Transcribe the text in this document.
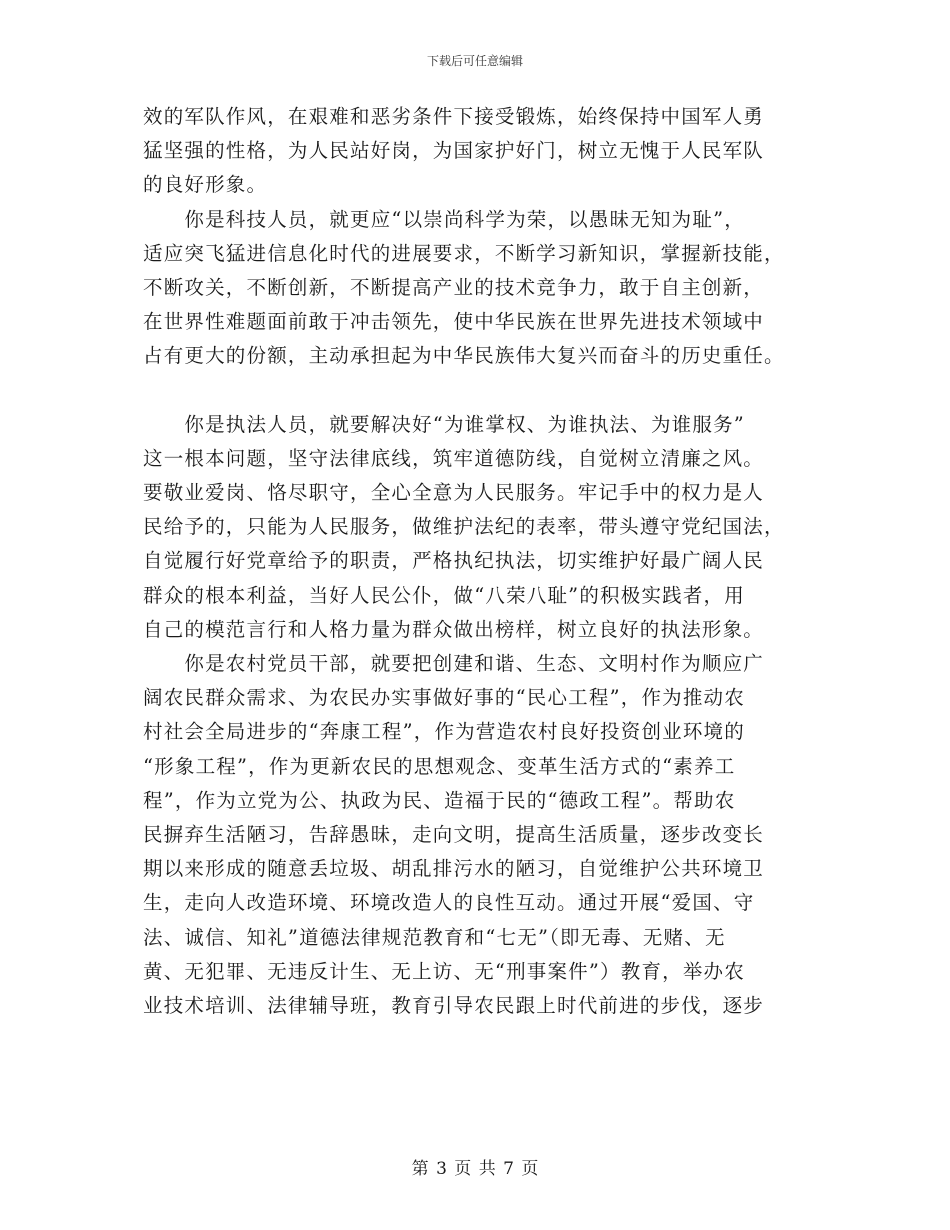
下载后可任意编辑

效的军队作风，在艰难和恶劣条件下接受锻炼，始终保持中国军人勇
猛坚强的性格，为人民站好岗，为国家护好门，树立无愧于人民军队
的良好形象。

　　你是科技人员，就更应“以崇尚科学为荣，以愚昧无知为耻”，
适应突飞猛进信息化时代的进展要求，不断学习新知识，掌握新技能，
不断攻关，不断创新，不断提高产业的技术竞争力，敢于自主创新，
在世界性难题面前敢于冲击领先，使中华民族在世界先进技术领域中
占有更大的份额，主动承担起为中华民族伟大复兴而奋斗的历史重任。

　　你是执法人员，就要解决好“为谁掌权、为谁执法、为谁服务”
这一根本问题，坚守法律底线，筑牢道德防线，自觉树立清廉之风。
要敬业爱岗、恪尽职守，全心全意为人民服务。牢记手中的权力是人
民给予的，只能为人民服务，做维护法纪的表率，带头遵守党纪国法，
自觉履行好党章给予的职责，严格执纪执法，切实维护好最广阔人民
群众的根本利益，当好人民公仆，做“八荣八耻”的积极实践者，用
自己的模范言行和人格力量为群众做出榜样，树立良好的执法形象。

　　你是农村党员干部，就要把创建和谐、生态、文明村作为顺应广
阔农民群众需求、为农民办实事做好事的“民心工程”，作为推动农
村社会全局进步的“奔康工程”，作为营造农村良好投资创业环境的
“形象工程”，作为更新农民的思想观念、变革生活方式的“素养工
程”，作为立党为公、执政为民、造福于民的“德政工程”。帮助农
民摒弃生活陋习，告辞愚昧，走向文明，提高生活质量，逐步改变长
期以来形成的随意丢垃圾、胡乱排污水的陋习，自觉维护公共环境卫
生，走向人改造环境、环境改造人的良性互动。通过开展“爱国、守
法、诚信、知礼”道德法律规范教育和“七无”（即无毒、无赌、无
黄、无犯罪、无违反计生、无上访、无“刑事案件”）教育，举办农
业技术培训、法律辅导班，教育引导农民跟上时代前进的步伐，逐步

第 3 页 共 7 页
